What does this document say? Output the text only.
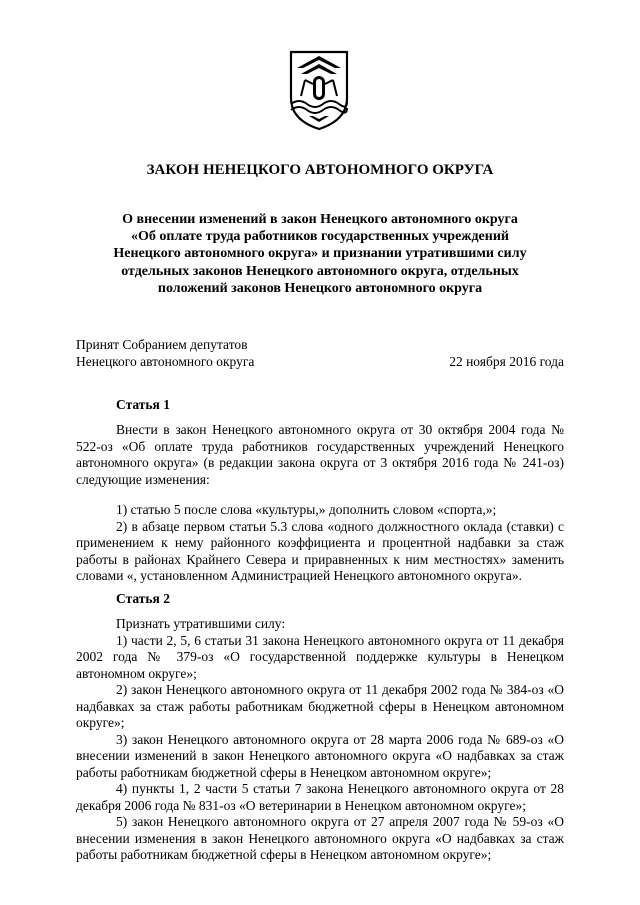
ЗАКОН НЕНЕЦКОГО АВТОНОМНОГО ОКРУГА
О внесении изменений в закон Ненецкого автономного округа
«Об оплате труда работников государственных учреждений
Ненецкого автономного округа» и признании утратившими силу
отдельных законов Ненецкого автономного округа, отдельных
положений законов Ненецкого автономного округа
Принят Собранием депутатов
Ненецкого автономного округа	22 ноября 2016 года
Статья 1

Внести в закон Ненецкого автономного округа от 30 октября 2004 года № 522-оз «Об оплате труда работников государственных учреждений Ненецкого автономного округа» (в редакции закона округа от 3 октября 2016 года № 241-оз) следующие изменения:

1) статью 5 после слова «культуры,» дополнить словом «спорта,»;

2) в абзаце первом статьи 5.3 слова «одного должностного оклада (ставки) с применением к нему районного коэффициента и процентной надбавки за стаж работы в районах Крайнего Севера и приравненных к ним местностях» заменить словами «, установленном Администрацией Ненецкого автономного округа».

Статья 2

Признать утратившими силу:

1) части 2, 5, 6 статьи 31 закона Ненецкого автономного округа от 11 декабря 2002 года № 379-оз «О государственной поддержке культуры в Ненецком автономном округе»;

2) закон Ненецкого автономного округа от 11 декабря 2002 года № 384-оз «О надбавках за стаж работы работникам бюджетной сферы в Ненецком автономном округе»;

3) закон Ненецкого автономного округа от 28 марта 2006 года № 689-оз «О внесении изменений в закон Ненецкого автономного округа «О надбавках за стаж работы работникам бюджетной сферы в Ненецком автономном округе»;

4) пункты 1, 2 части 5 статьи 7 закона Ненецкого автономного округа от 28 декабря 2006 года № 831-оз «О ветеринарии в Ненецком автономном округе»;

5) закон Ненецкого автономного округа от 27 апреля 2007 года № 59-оз «О внесении изменения в закон Ненецкого автономного округа «О надбавках за стаж работы работникам бюджетной сферы в Ненецком автономном округе»;
